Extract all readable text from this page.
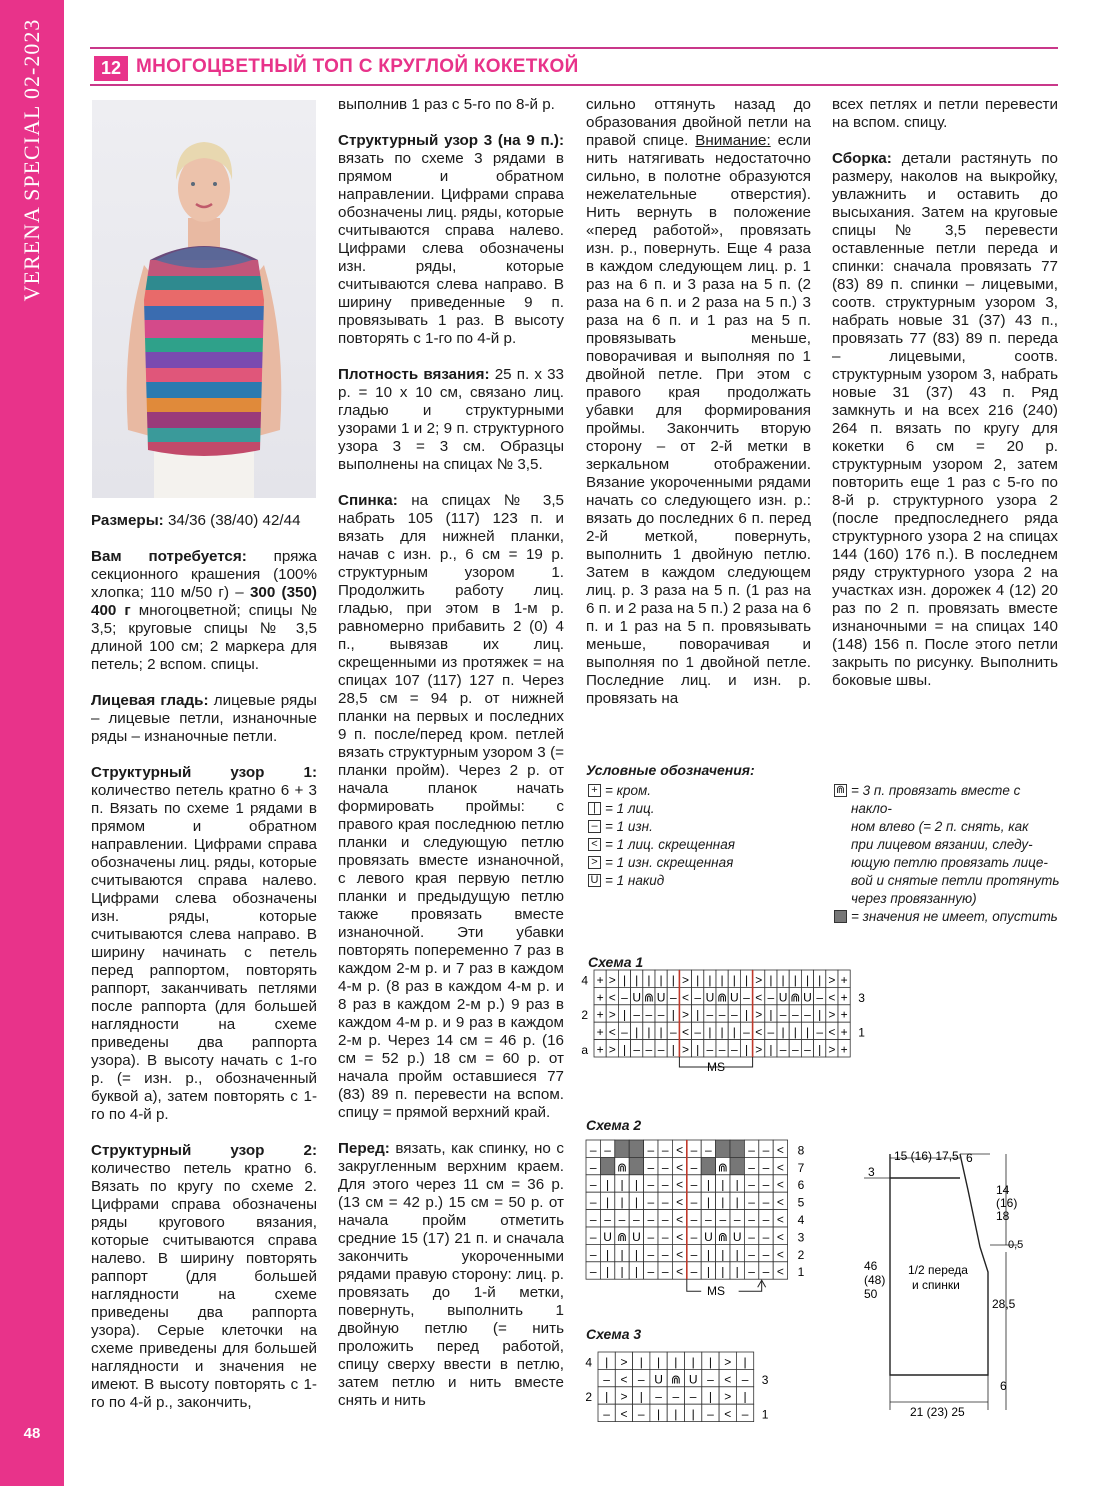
VERENA SPECIAL 02-2023
48
12 МНОГОЦВЕТНЫЙ ТОП С КРУГЛОЙ КОКЕТКОЙ

Размеры: 34/36 (38/40) 42/44

Вам потребуется: пряжа секционного крашения (100% хлопка; 110 м/50 г) – 300 (350) 400 г многоцветной; спицы № 3,5; круговые спицы № 3,5 длиной 100 см; 2 маркера для петель; 2 вспом. спицы.

Лицевая гладь: лицевые ряды – лицевые петли, изнаночные ряды – изнаночные петли.

Структурный узор 1: количество петель кратно 6 + 3 п. Вязать по схеме 1 рядами в прямом и обратном направлении. Цифрами справа обозначены лиц. ряды, которые считываются справа налево. Цифрами слева обозначены изн. ряды, которые считываются слева направо. В ширину начинать с петель перед раппортом, повторять раппорт, заканчивать петлями после раппорта (для большей наглядности на схеме приведены два раппорта узора). В высоту начать с 1-го р. (= изн. р., обозначенный буквой а), затем повторять с 1-го по 4-й р.

Структурный узор 2: количество петель кратно 6. Вязать по кругу по схеме 2. Цифрами справа обозначены ряды кругового вязания, которые считываются справа налево. В ширину повторять раппорт (для большей наглядности на схеме приведены два раппорта узора). Серые клеточки на схеме приведены для большей наглядности и значения не имеют. В высоту повторять с 1-го по 4-й р., закончить,

выполнив 1 раз с 5-го по 8-й р.

Структурный узор 3 (на 9 п.): вязать по схеме 3 рядами в прямом и обратном направлении. Цифрами справа обозначены лиц. ряды, которые считываются справа налево. Цифрами слева обозначены изн. ряды, которые считываются слева направо. В ширину приведенные 9 п. провязывать 1 раз. В высоту повторять с 1-го по 4-й р.

Плотность вязания: 25 п. х 33 р. = 10 х 10 см, связано лиц. гладью и структурными узорами 1 и 2; 9 п. структурного узора 3 = 3 см. Образцы выполнены на спицах № 3,5.

Спинка: на спицах № 3,5 набрать 105 (117) 123 п. и вязать для нижней планки, начав с изн. р., 6 см = 19 р. структурным узором 1. Продолжить работу лиц. гладью, при этом в 1-м р. равномерно прибавить 2 (0) 4 п., вывязав их лиц. скрещенными из протяжек = на спицах 107 (117) 127 п. Через 28,5 см = 94 р. от нижней планки на первых и последних 9 п. после/перед кром. петлей вязать структурным узором 3 (= планки пройм). Через 2 р. от начала планок начать формировать проймы: с правого края последнюю петлю планки и следующую петлю провязать вместе изнаночной, с левого края первую петлю планки и предыдущую петлю также провязать вместе изнаночной. Эти убавки повторять попеременно 7 раз в каждом 2-м р. и 7 раз в каждом 4-м р. (8 раз в каждом 4-м р. и 8 раз в каждом 2-м р.) 9 раз в каждом 4-м р. и 9 раз в каждом 2-м р. Через 14 см = 46 р. (16 см = 52 р.) 18 см = 60 р. от начала пройм оставшиеся 77 (83) 89 п. перевести на вспом. спицу = прямой верхний край.

Перед: вязать, как спинку, но с закругленным верхним краем. Для этого через 11 см = 36 р. (13 см = 42 р.) 15 см = 50 р. от начала пройм отметить средние 15 (17) 21 п. и сначала закончить укороченными рядами правую сторону: лиц. р. провязать до 1-й метки, повернуть, выполнить 1 двойную петлю (= нить проложить перед работой, спицу сверху ввести в петлю, затем петлю и нить вместе снять и нить

сильно оттянуть назад до образования двойной петли на правой спице. Внимание: если нить натягивать недостаточно сильно, в полотне образуются нежелательные отверстия). Нить вернуть в положение «перед работой», провязать изн. р., повернуть. Еще 4 раза в каждом следующем лиц. р. 1 раз на 6 п. и 3 раза на 5 п. (2 раза на 6 п. и 2 раза на 5 п.) 3 раза на 6 п. и 1 раз на 5 п. провязывать меньше, поворачивая и выполняя по 1 двойной петле. При этом с правого края продолжать убавки для формирования проймы. Закончить вторую сторону – от 2-й метки в зеркальном отображении. Вязание укороченными рядами начать со следующего изн. р.: вязать до последних 6 п. перед 2-й меткой, повернуть, выполнить 1 двойную петлю. Затем в каждом следующем лиц. р. 3 раза на 5 п. (1 раз на 6 п. и 2 раза на 5 п.) 2 раза на 6 п. и 1 раз на 5 п. провязывать меньше, поворачивая и выполняя по 1 двойной петле. Последние лиц. и изн. р. провязать на

всех петлях и петли перевести на вспом. спицу.

Сборка: детали растянуть по размеру, наколов на выкройку, увлажнить и оставить до высыхания. Затем на круговые спицы № 3,5 перевести оставленные петли переда и спинки: сначала провязать 77 (83) 89 п. спинки – лицевыми, соотв. структурным узором 3, набрать новые 31 (37) 43 п., провязать 77 (83) 89 п. переда – лицевыми, соотв. структурным узором 3, набрать новые 31 (37) 43 п. Ряд замкнуть и на всех 216 (240) 264 п. вязать по кругу для кокетки 6 см = 20 р. структурным узором 2, затем повторить еще 1 раз с 5-го по 8-й р. структурного узора 2 (после предпоследнего ряда структурного узора 2 на спицах 144 (160) 176 п.). В последнем ряду структурного узора 2 на участках изн. дорожек 4 (12) 20 раз по 2 п. провязать вместе изнаночными = на спицах 140 (148) 156 п. После этого петли закрыть по рисунку. Выполнить боковые швы.

Условные обозначения:
+ = кром.
| = 1 лиц.
– = 1 изн.
< = 1 лиц. скрещенная
> = 1 изн. скрещенная
U = 1 накид
⋒ = 3 п. провязать вместе с накло-
ном влево (= 2 п. снять, как
при лицевом вязании, следу-
ющую петлю провязать лице-
вой и снятые петли протянуть
через провязанную)
= значения не имеет, опустить
Схема 1
Схема 2
Схема 3
+ > | | | | | > | | | | | > | | | | | > +
+ < – U ⋒ U – < – U ⋒ U – < – U ⋒ U – < +
+ > | – – – | > | – – – | > | – – – | > +
+ < – | | | – < – | | | – < – | | | – < +
+ > | – – – | > | – – – | > | – – – | > +
4
2
a
3
1
MS
– –	– – < – –	– – <
– ⋒ – – < – ⋒ – – <
– | | | – – < – | | | – – <
– | | | – – < – | | | – – <
– – – – – – < – – – – – – <
– U ⋒ U – – < – U ⋒ U – – <
– | | | – – < – | | | – – <
– | | | – – < – | | | – – <
8
7
6
5
4
3
2
1
MS
| > | | | | | > |
– < – U ⋒ U – < –
| > | – – – | > |
– < – | | | – < –
4
2
3
1
15 (16) 17,5 6
3
14 (16) 18
0,5
46 (48) 50
1/2 переда и спинки
28,5
6
21 (23) 25
